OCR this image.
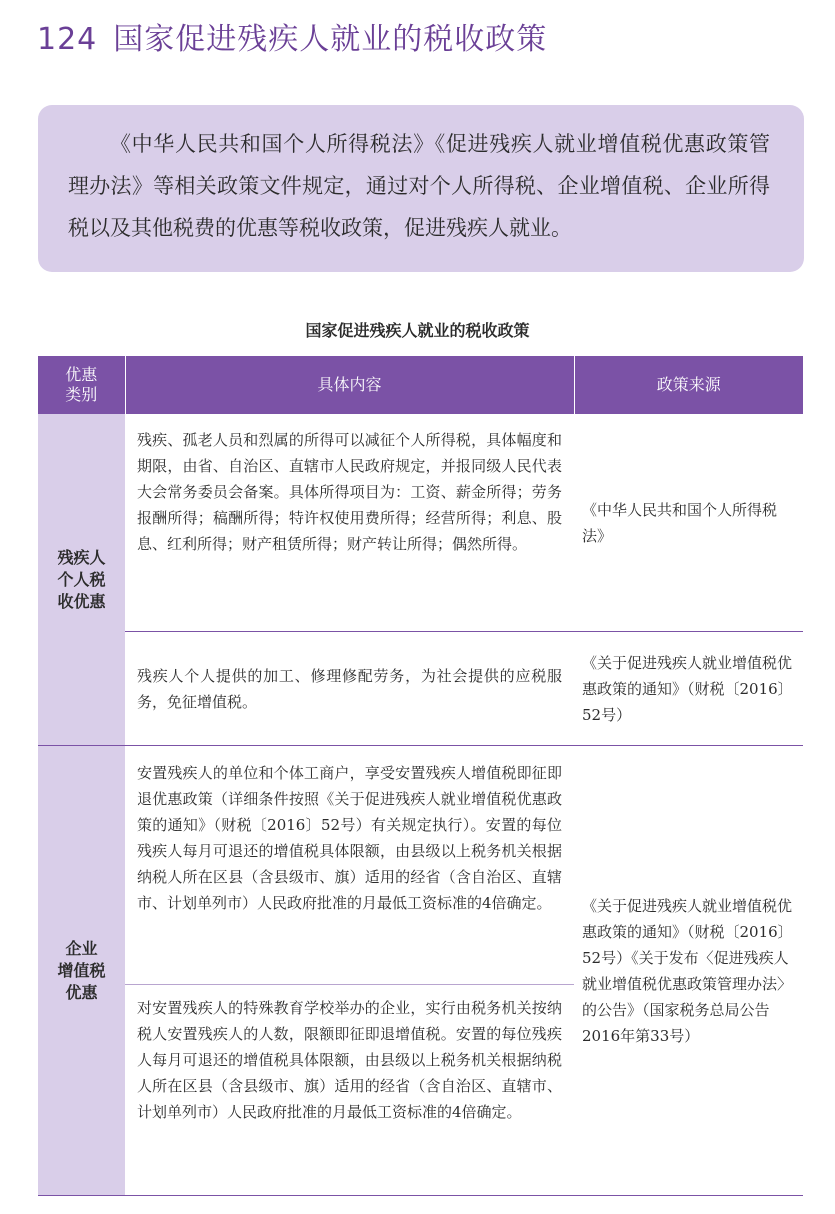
124 国家促进残疾人就业的税收政策
《中华人民共和国个人所得税法》《促进残疾人就业增值税优惠政策管理办法》等相关政策文件规定，通过对个人所得税、企业增值税、企业所得税以及其他税费的优惠等税收政策，促进残疾人就业。
国家促进残疾人就业的税收政策
优惠
类别	具体内容	政策来源
残疾人
个人税
收优惠	残疾、孤老人员和烈属的所得可以减征个人所得税，具体幅度和期限，由省、自治区、直辖市人民政府规定，并报同级人民代表大会常务委员会备案。具体所得项目为：工资、薪金所得；劳务报酬所得；稿酬所得；特许权使用费所得；经营所得；利息、股息、红利所得；财产租赁所得；财产转让所得；偶然所得。	《中华人民共和国个人所得税法》
	残疾人个人提供的加工、修理修配劳务，为社会提供的应税服务，免征增值税。	《关于促进残疾人就业增值税优惠政策的通知》（财税〔2016〕52号）
企业
增值税
优惠	安置残疾人的单位和个体工商户，享受安置残疾人增值税即征即退优惠政策（详细条件按照《关于促进残疾人就业增值税优惠政策的通知》（财税〔2016〕52号）有关规定执行）。安置的每位残疾人每月可退还的增值税具体限额，由县级以上税务机关根据纳税人所在区县（含县级市、旗）适用的经省（含自治区、直辖市、计划单列市）人民政府批准的月最低工资标准的4倍确定。	《关于促进残疾人就业增值税优惠政策的通知》（财税〔2016〕52号）《关于发布〈促进残疾人就业增值税优惠政策管理办法〉的公告》（国家税务总局公告2016年第33号）
	对安置残疾人的特殊教育学校举办的企业，实行由税务机关按纳税人安置残疾人的人数，限额即征即退增值税。安置的每位残疾人每月可退还的增值税具体限额，由县级以上税务机关根据纳税人所在区县（含县级市、旗）适用的经省（含自治区、直辖市、计划单列市）人民政府批准的月最低工资标准的4倍确定。	
